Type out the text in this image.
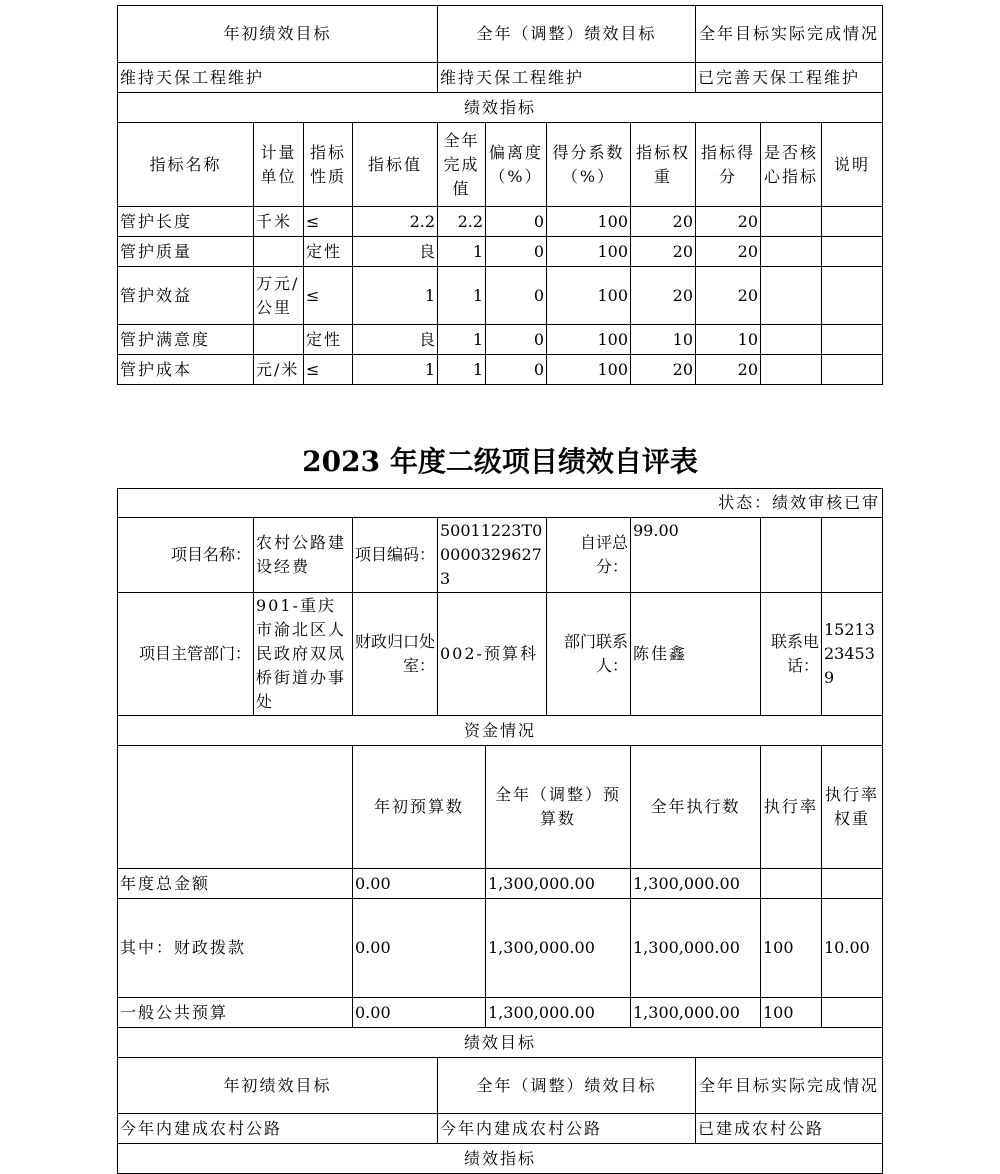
年初绩效目标				全年（调整）绩效目标				全年目标实际完成情况		
维持天保工程维护				维持天保工程维护				已完善天保工程维护		
绩效指标										
指标名称	计量单位	指标性质	指标值	全年完成值	偏离度（%）	得分系数（%）	指标权重	指标得分	是否核心指标	说明
管护长度	千米	≤	2.2	2.2	0	100	20	20		
管护质量		定性	良	1	0	100	20	20		
管护效益	万元/公里	≤	1	1	0	100	20	20		
管护满意度		定性	良	1	0	100	10	10		
管护成本	元/米	≤	1	1	0	100	20	20		
2023 年度二级项目绩效自评表
状态：绩效审核已审										
项目名称：	农村公路建设经费	项目编码：	50011223T000003296273		自评总分：	99.00				
项目主管部门：	901-重庆市渝北区人民政府双凤桥街道办事处	财政归口处室：	002-预算科		部门联系人：	陈佳鑫		联系电话：	15213234539	
资金情况										
		年初预算数		全年（调整）预算数		全年执行数		执行率	执行率权重	
年度总金额		0.00		1,300,000.00		1,300,000.00				
其中：财政拨款		0.00		1,300,000.00		1,300,000.00		100	10.00	
一般公共预算		0.00		1,300,000.00		1,300,000.00		100		
绩效目标										
年初绩效目标			全年（调整）绩效目标				全年目标实际完成情况			
今年内建成农村公路			今年内建成农村公路				已建成农村公路			
绩效指标										
